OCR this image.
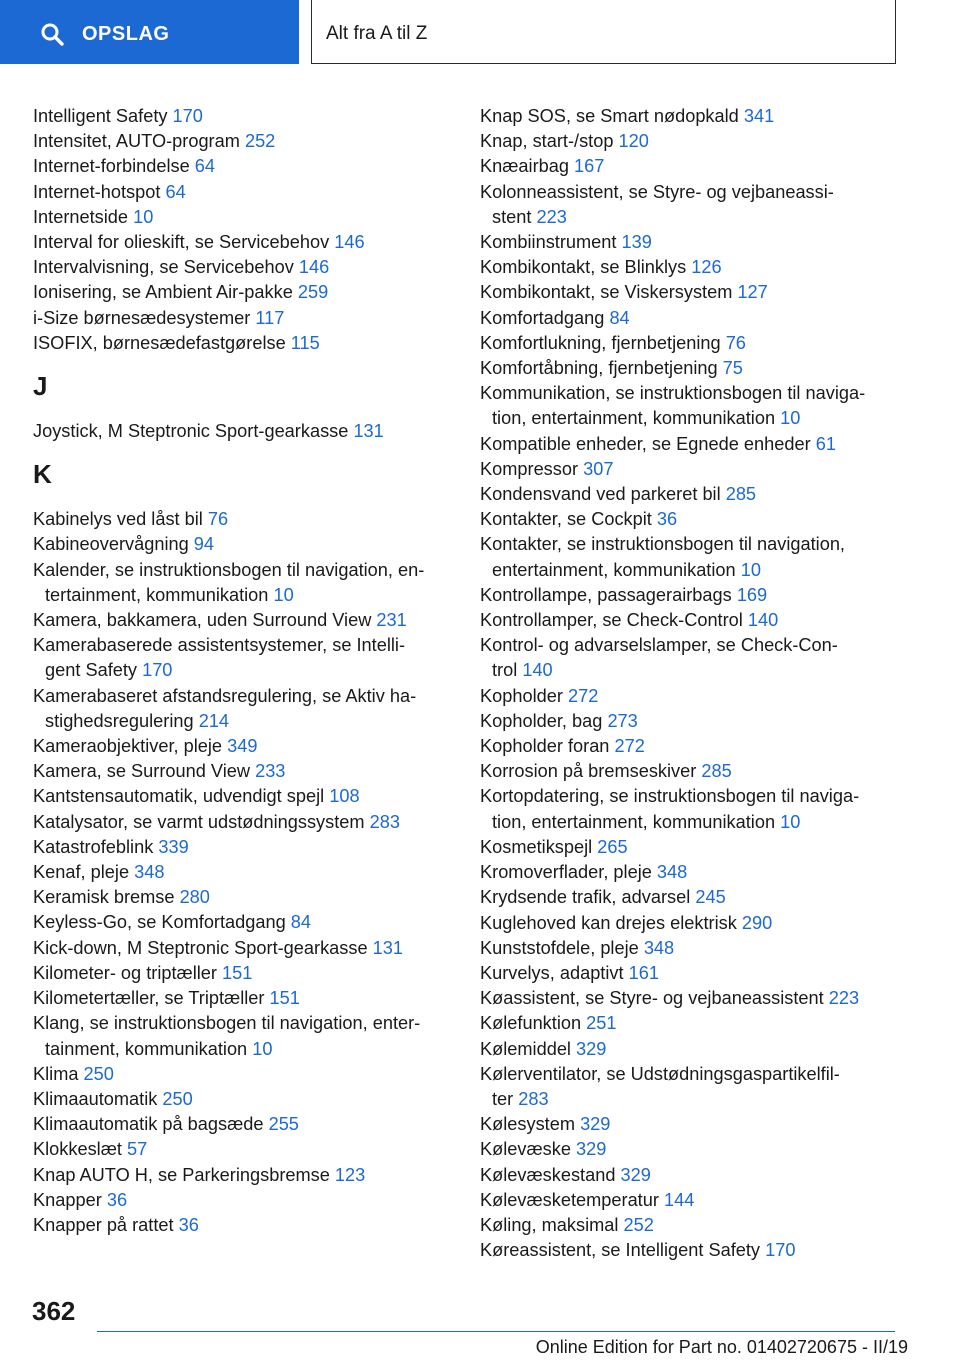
OPSLAG	Alt fra A til Z
Intelligent Safety 170
Intensitet, AUTO-program 252
Internet-forbindelse 64
Internet-hotspot 64
Internetside 10
Interval for olieskift, se Servicebehov 146
Intervalvisning, se Servicebehov 146
Ionisering, se Ambient Air-pakke 259
i-Size børnesædesystemer 117
ISOFIX, børnesædefastgørelse 115
J
Joystick, M Steptronic Sport-gearkasse 131
K
Kabinelys ved låst bil 76
Kabineovervågning 94
Kalender, se instruktionsbogen til navigation, en-
tertainment, kommunikation 10
Kamera, bakkamera, uden Surround View 231
Kamerabaserede assistentsystemer, se Intelli-
gent Safety 170
Kamerabaseret afstandsregulering, se Aktiv ha-
stighedsregulering 214
Kameraobjektiver, pleje 349
Kamera, se Surround View 233
Kantstensautomatik, udvendigt spejl 108
Katalysator, se varmt udstødningssystem 283
Katastrofeblink 339
Kenaf, pleje 348
Keramisk bremse 280
Keyless-Go, se Komfortadgang 84
Kick-down, M Steptronic Sport-gearkasse 131
Kilometer- og triptæller 151
Kilometertæller, se Triptæller 151
Klang, se instruktionsbogen til navigation, enter-
tainment, kommunikation 10
Klima 250
Klimaautomatik 250
Klimaautomatik på bagsæde 255
Klokkeslæt 57
Knap AUTO H, se Parkeringsbremse 123
Knapper 36
Knapper på rattet 36
Knap SOS, se Smart nødopkald 341
Knap, start-/stop 120
Knæairbag 167
Kolonneassistent, se Styre- og vejbaneassi-
stent 223
Kombiinstrument 139
Kombikontakt, se Blinklys 126
Kombikontakt, se Viskersystem 127
Komfortadgang 84
Komfortlukning, fjernbetjening 76
Komfortåbning, fjernbetjening 75
Kommunikation, se instruktionsbogen til naviga-
tion, entertainment, kommunikation 10
Kompatible enheder, se Egnede enheder 61
Kompressor 307
Kondensvand ved parkeret bil 285
Kontakter, se Cockpit 36
Kontakter, se instruktionsbogen til navigation,
entertainment, kommunikation 10
Kontrollampe, passagerairbags 169
Kontrollamper, se Check-Control 140
Kontrol- og advarselslamper, se Check-Con-
trol 140
Kopholder 272
Kopholder, bag 273
Kopholder foran 272
Korrosion på bremseskiver 285
Kortopdatering, se instruktionsbogen til naviga-
tion, entertainment, kommunikation 10
Kosmetikspejl 265
Kromoverflader, pleje 348
Krydsende trafik, advarsel 245
Kuglehoved kan drejes elektrisk 290
Kunststofdele, pleje 348
Kurvelys, adaptivt 161
Køassistent, se Styre- og vejbaneassistent 223
Kølefunktion 251
Kølemiddel 329
Kølerventilator, se Udstødningsgaspartikelfil-
ter 283
Kølesystem 329
Kølevæske 329
Kølevæskestand 329
Kølevæsketemperatur 144
Køling, maksimal 252
Køreassistent, se Intelligent Safety 170
362
Online Edition for Part no. 01402720675 - II/19
